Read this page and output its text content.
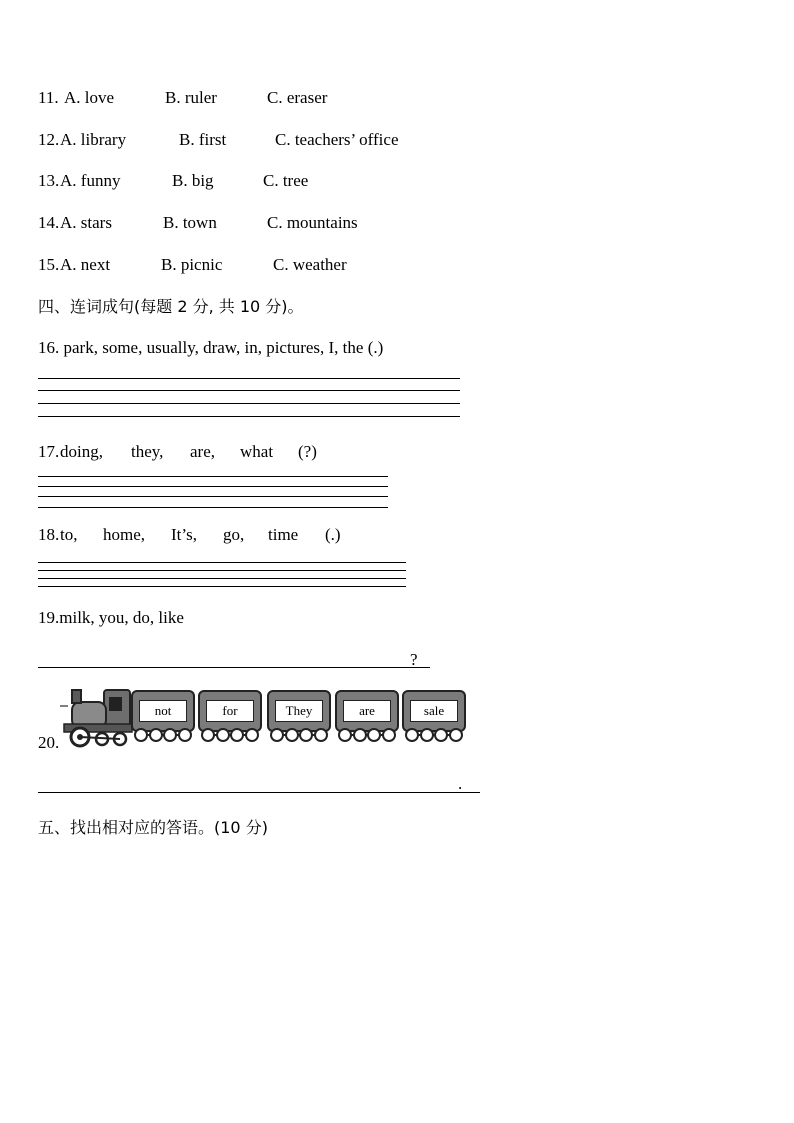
11. A. love	B. ruler	C. eraser
12. A. library	B. first	C. teachers’ office
13. A. funny	B. big	C. tree
14. A. stars	B. town	C. mountains
15. A. next	B. picnic	C. weather
四、连词成句(每题 2 分, 共 10 分)。
16. park, some, usually, draw, in, pictures, I, the (.)
17. doing, they, are, what (?)
18. to, home, It’s, go, time (.)
19.milk, you, do, like
?
20.
not	for	They	are	sale
.
五、找出相对应的答语。(10 分)
